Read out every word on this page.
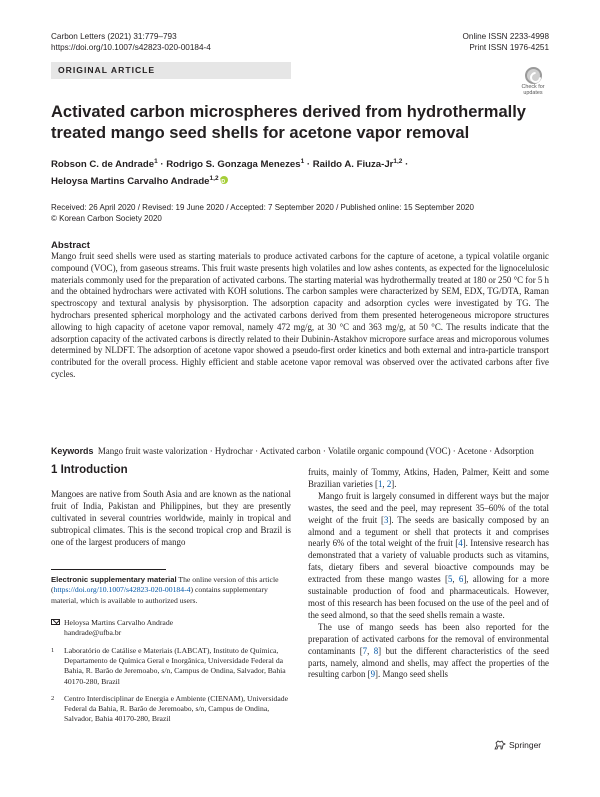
Carbon Letters (2021) 31:779–793
https://doi.org/10.1007/s42823-020-00184-4
Online ISSN 2233-4998
Print ISSN 1976-4251
ORIGINAL ARTICLE
Check for
updates
Activated carbon microspheres derived from hydrothermally treated mango seed shells for acetone vapor removal
Robson C. de Andrade$^1$ · Rodrigo S. Gonzaga Menezes$^1$ · Raildo A. Fiuza-Jr$^{1,2}$ ·
Heloysa Martins Carvalho Andrade$^{1,2}$iD
Received: 26 April 2020 / Revised: 19 June 2020 / Accepted: 7 September 2020 / Published online: 15 September 2020
© Korean Carbon Society 2020
Abstract
Mango fruit seed shells were used as starting materials to produce activated carbons for the capture of acetone, a typical volatile organic compound (VOC), from gaseous streams. This fruit waste presents high volatiles and low ashes contents, as expected for the lignocelulosic materials commonly used for the preparation of activated carbons. The starting material was hydrothermally treated at 180 or 250 °C for 5 h and the obtained hydrochars were activated with KOH solutions. The carbon samples were characterized by SEM, EDX, TG/DTA, Raman spectroscopy and textural analysis by physisorption. The adsorption capacity and adsorption cycles were investigated by TG. The hydrochars presented spherical morphology and the activated carbons derived from them presented heterogeneous micropore structures allowing to high capacity of acetone vapor removal, namely 472 mg/g, at 30 °C and 363 mg/g, at 50 °C. The results indicate that the adsorption capacity of the activated carbons is directly related to their Dubinin-Astakhov micropore surface areas and microporous volumes determined by NLDFT. The adsorption of acetone vapor showed a pseudo-first order kinetics and both external and intra-particle transport contributed for the overall process. Highly efficient and stable acetone vapor removal was observed over the activated carbons after five cycles.
Keywords Mango fruit waste valorization · Hydrochar · Activated carbon · Volatile organic compound (VOC) · Acetone · Adsorption
1 Introduction
Mangoes are native from South Asia and are known as the national fruit of India, Pakistan and Philippines, but they are presently cultivated in several countries worldwide, mainly in tropical and subtropical climates. This is the second tropical crop and Brazil is one of the largest producers of mango
Electronic supplementary material The online version of this article (https://doi.org/10.1007/s42823-020-00184-4) contains supplementary material, which is available to authorized users.
Heloysa Martins Carvalho Andrade
handrade@ufba.br
1	Laboratório de Catálise e Materiais (LABCAT), Instituto de Química, Departamento de Química Geral e Inorgânica, Universidade Federal da Bahia, R. Barão de Jeremoabo, s/n, Campus de Ondina, Salvador, Bahia 40170-280, Brazil
2	Centro Interdisciplinar de Energia e Ambiente (CIENAM), Universidade Federal da Bahia, R. Barão de Jeremoabo, s/n, Campus de Ondina, Salvador, Bahia 40170-280, Brazil

fruits, mainly of Tommy, Atkins, Haden, Palmer, Keitt and some Brazilian varieties [1, 2].

Mango fruit is largely consumed in different ways but the major wastes, the seed and the peel, may represent 35–60% of the total weight of the fruit [3]. The seeds are basically composed by an almond and a tegument or shell that protects it and comprises nearly 6% of the total weight of the fruit [4]. Intensive research has demonstrated that a variety of valuable products such as vitamins, fats, dietary fibers and several bioactive compounds may be extracted from these mango wastes [5, 6], allowing for a more sustainable production of food and pharmaceuticals. However, most of this research has been focused on the use of the peel and of the seed almond, so that the seed shells remain a waste.

The use of mango seeds has been also reported for the preparation of activated carbons for the removal of environmental contaminants [7, 8] but the different characteristics of the seed parts, namely, almond and shells, may affect the properties of the resulting carbon [9]. Mango seed shells

Springer
